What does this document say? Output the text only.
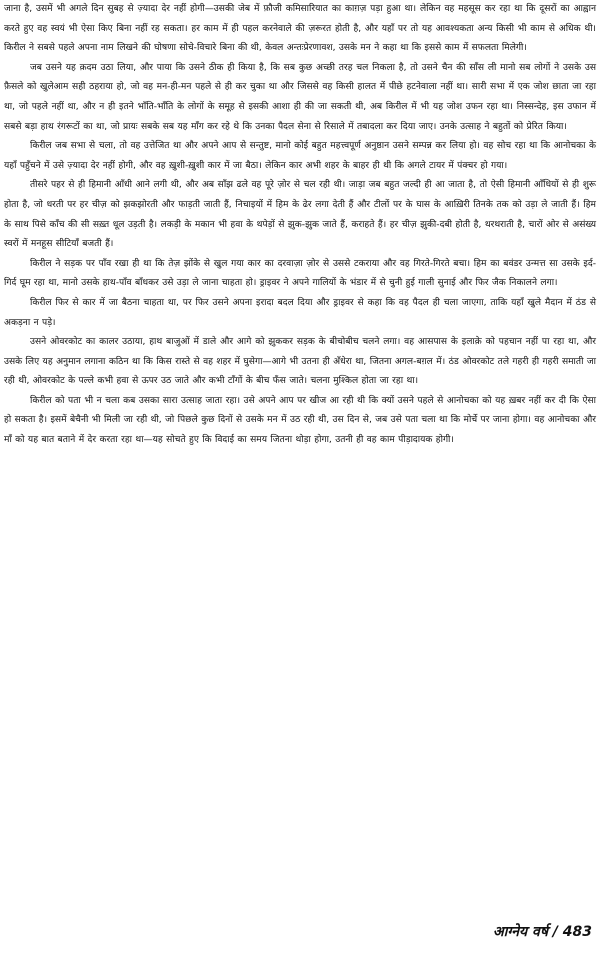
जाना है, उसमें भी अगले दिन सुबह से ज़्यादा देर नहीं होगी—उसकी जेब में फ़ौजी कमिसारियात का काग़ज़ पड़ा हुआ था। लेकिन वह महसूस कर रहा था कि दूसरों का आह्वान करते हुए वह स्वयं भी ऐसा किए बिना नहीं रह सकता। हर काम में ही पहल करनेवाले की ज़रूरत होती है, और यहाँ पर तो यह आवश्यकता अन्य किसी भी काम से अधिक थी। किरील ने सबसे पहले अपना नाम लिखने की घोषणा सोचे-विचारे बिना की थी, केवल अन्तःप्रेरणावश, उसके मन ने कहा था कि इससे काम में सफलता मिलेगी।

जब उसने यह क़दम उठा लिया, और पाया कि उसने ठीक ही किया है, कि सब कुछ अच्छी तरह चल निकला है, तो उसने चैन की साँस ली मानो सब लोगों ने उसके उस फ़ैसले को खुलेआम सही ठहराया हो, जो वह मन-ही-मन पहले से ही कर चुका था और जिससे वह किसी हालत में पीछे हटनेवाला नहीं था। सारी सभा में एक जोश छाता जा रहा था, जो पहले नहीं था, और न ही इतने भाँति-भाँति के लोगों के समूह से इसकी आशा ही की जा सकती थी, अब किरील में भी यह जोश उफन रहा था। निस्सन्देह, इस उफान में सबसे बड़ा हाथ रंगरूटों का था, जो प्रायः सबके सब यह माँग कर रहे थे कि उनका पैदल सेना से रिसाले में तबादला कर दिया जाए। उनके उत्साह ने बहुतों को प्रेरित किया।

किरील जब सभा से चला, तो वह उत्तेजित था और अपने आप से सन्तुष्ट, मानो कोई बहुत महत्त्वपूर्ण अनुष्ठान उसने सम्पन्न कर लिया हो। वह सोच रहा था कि आनोचका के यहाँ पहुँचने में उसे ज़्यादा देर नहीं होगी, और वह ख़ुशी-ख़ुशी कार में जा बैठा। लेकिन कार अभी शहर के बाहर ही थी कि अगले टायर में पंक्चर हो गया।

तीसरे पहर से ही हिमानी आँधी आने लगी थी, और अब साँझ ढले वह पूरे ज़ोर से चल रही थी। जाड़ा जब बहुत जल्दी ही आ जाता है, तो ऐसी हिमानी आँधियों से ही शुरू होता है, जो धरती पर हर चीज़ को झकझोरती और फाड़ती जाती हैं, निचाइयों में हिम के ढेर लगा देती हैं और टीलों पर के घास के आख़िरी तिनके तक को उड़ा ले जाती हैं। हिम के साथ पिसे काँच की सी सख़्त धूल उड़ती है। लकड़ी के मकान भी हवा के थपेड़ों से झुक-झुक जाते हैं, कराहते हैं। हर चीज़ झुकी-दबी होती है, थरथराती है, चारों ओर से असंख्य स्वरों में मनहूस सीटियाँ बजती हैं।

किरील ने सड़क पर पाँव रखा ही था कि तेज़ झोंके से खुल गया कार का दरवाज़ा ज़ोर से उससे टकराया और वह गिरते-गिरते बचा। हिम का बवंडर उन्मत्त सा उसके इर्द-गिर्द घूम रहा था, मानो उसके हाथ-पाँव बाँधकर उसे उड़ा ले जाना चाहता हो। ड्राइवर ने अपने गालियों के भंडार में से चुनी हुई गाली सुनाई और फिर जैक निकालने लगा।

किरील फिर से कार में जा बैठना चाहता था, पर फिर उसने अपना इरादा बदल दिया और ड्राइवर से कहा कि वह पैदल ही चला जाएगा, ताकि यहाँ खुले मैदान में ठंड से अकड़ना न पड़े।

उसने ओवरकोट का कालर उठाया, हाथ बाजुओं में डाले और आगे को झुककर सड़क के बीचोबीच चलने लगा। वह आसपास के इलाक़े को पहचान नहीं पा रहा था, और उसके लिए यह अनुमान लगाना कठिन था कि किस रास्ते से वह शहर में घुसेगा—आगे भी उतना ही अँधेरा था, जितना अगल-बग़ल में। ठंड ओवरकोट तले गहरी ही गहरी समाती जा रही थी, ओवरकोट के पल्ले कभी हवा से ऊपर उठ जाते और कभी टाँगों के बीच फँस जाते। चलना मुश्किल होता जा रहा था।

किरील को पता भी न चला कब उसका सारा उत्साह जाता रहा। उसे अपने आप पर खीज आ रही थी कि क्यों उसने पहले से आनोचका को यह ख़बर नहीं कर दी कि ऐसा हो सकता है। इसमें बेचैनी भी मिली जा रही थी, जो पिछले कुछ दिनों से उसके मन में उठ रही थी, उस दिन से, जब उसे पता चला था कि मोर्चे पर जाना होगा। वह आनोचका और माँ को यह बात बताने में देर करता रहा था—यह सोचते हुए कि विदाई का समय जितना थोड़ा होगा, उतनी ही वह काम पीड़ादायक होगी।

आग्नेय वर्ष / 483
